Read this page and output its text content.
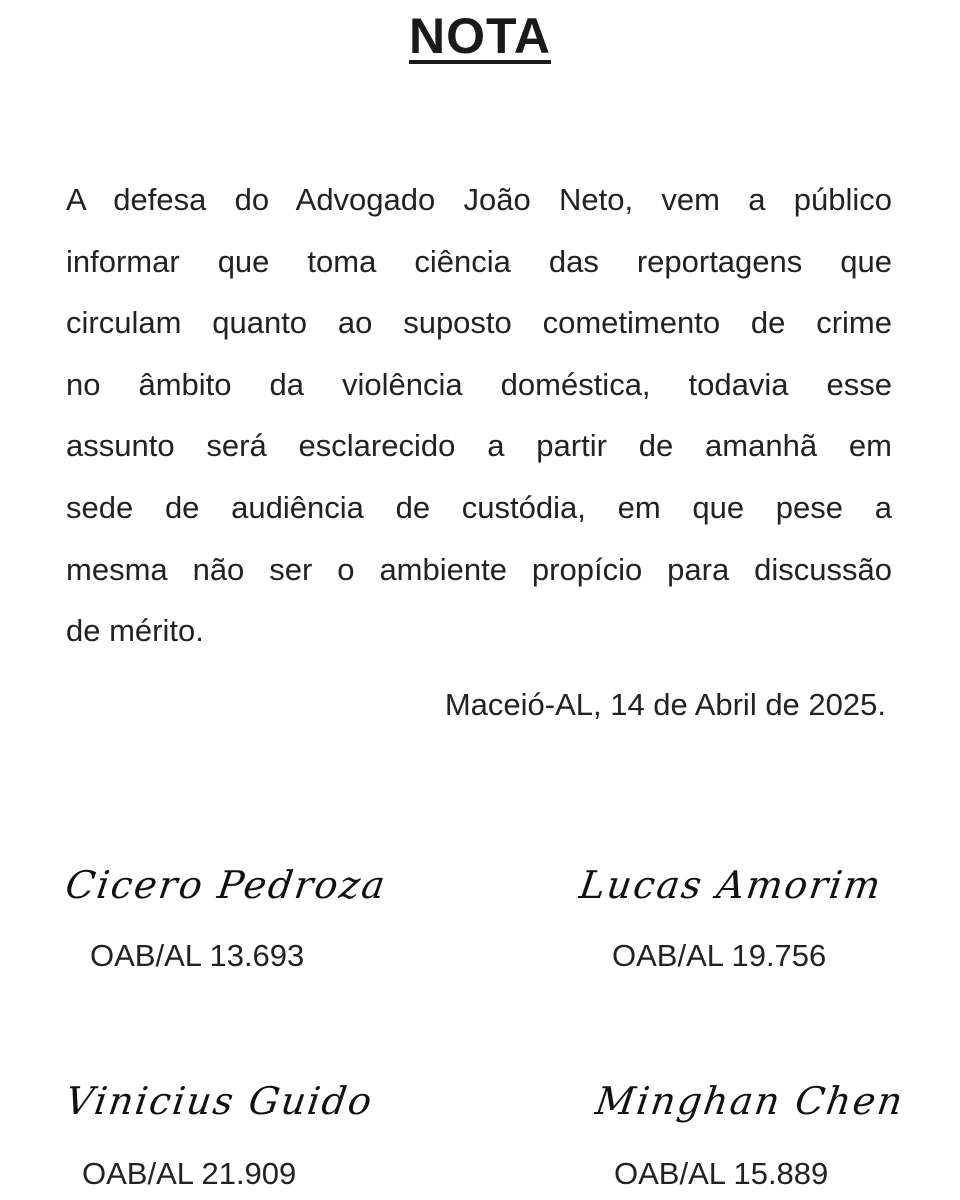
NOTA
A defesa do Advogado João Neto, vem a público
informar que toma ciência das reportagens que
circulam quanto ao suposto cometimento de crime
no âmbito da violência doméstica, todavia esse
assunto será esclarecido a partir de amanhã em
sede de audiência de custódia, em que pese a
mesma não ser o ambiente propício para discussão
de mérito.
Maceió-AL, 14 de Abril de 2025.
Cicero Pedroza
OAB/AL 13.693
Lucas Amorim
OAB/AL 19.756
Vinicius Guido
OAB/AL 21.909
Minghan Chen
OAB/AL 15.889
